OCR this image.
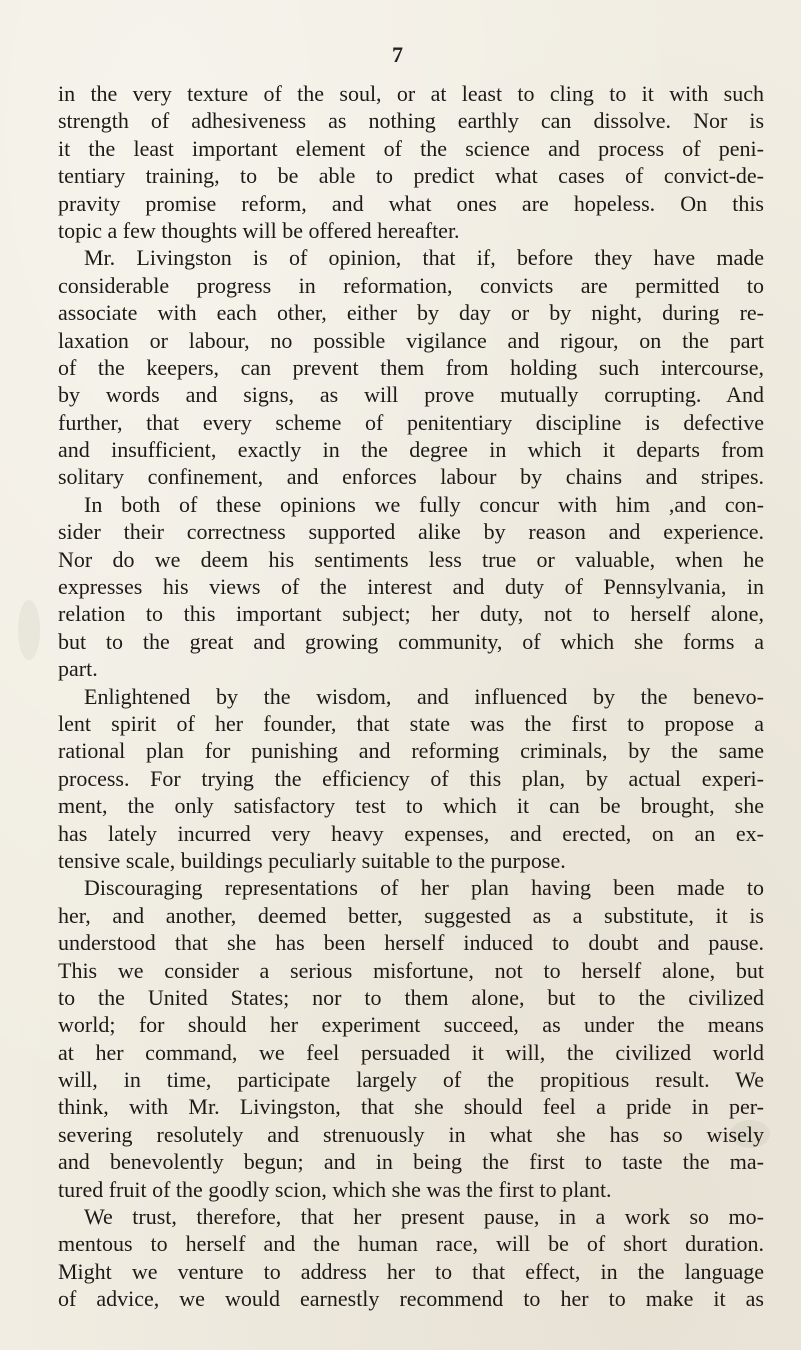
7
in the very texture of the soul, or at least to cling to it with such
strength of adhesiveness as nothing earthly can dissolve. Nor is
it the least important element of the science and process of peni-
tentiary training, to be able to predict what cases of convict-de-
pravity promise reform, and what ones are hopeless. On this
topic a few thoughts will be offered hereafter.
Mr. Livingston is of opinion, that if, before they have made
considerable progress in reformation, convicts are permitted to
associate with each other, either by day or by night, during re-
laxation or labour, no possible vigilance and rigour, on the part
of the keepers, can prevent them from holding such intercourse,
by words and signs, as will prove mutually corrupting. And
further, that every scheme of penitentiary discipline is defective
and insufficient, exactly in the degree in which it departs from
solitary confinement, and enforces labour by chains and stripes.
In both of these opinions we fully concur with him ,and con-
sider their correctness supported alike by reason and experience.
Nor do we deem his sentiments less true or valuable, when he
expresses his views of the interest and duty of Pennsylvania, in
relation to this important subject; her duty, not to herself alone,
but to the great and growing community, of which she forms a
part.
Enlightened by the wisdom, and influenced by the benevo-
lent spirit of her founder, that state was the first to propose a
rational plan for punishing and reforming criminals, by the same
process. For trying the efficiency of this plan, by actual experi-
ment, the only satisfactory test to which it can be brought, she
has lately incurred very heavy expenses, and erected, on an ex-
tensive scale, buildings peculiarly suitable to the purpose.
Discouraging representations of her plan having been made to
her, and another, deemed better, suggested as a substitute, it is
understood that she has been herself induced to doubt and pause.
This we consider a serious misfortune, not to herself alone, but
to the United States; nor to them alone, but to the civilized
world; for should her experiment succeed, as under the means
at her command, we feel persuaded it will, the civilized world
will, in time, participate largely of the propitious result. We
think, with Mr. Livingston, that she should feel a pride in per-
severing resolutely and strenuously in what she has so wisely
and benevolently begun; and in being the first to taste the ma-
tured fruit of the goodly scion, which she was the first to plant.
We trust, therefore, that her present pause, in a work so mo-
mentous to herself and the human race, will be of short duration.
Might we venture to address her to that effect, in the language
of advice, we would earnestly recommend to her to make it as
